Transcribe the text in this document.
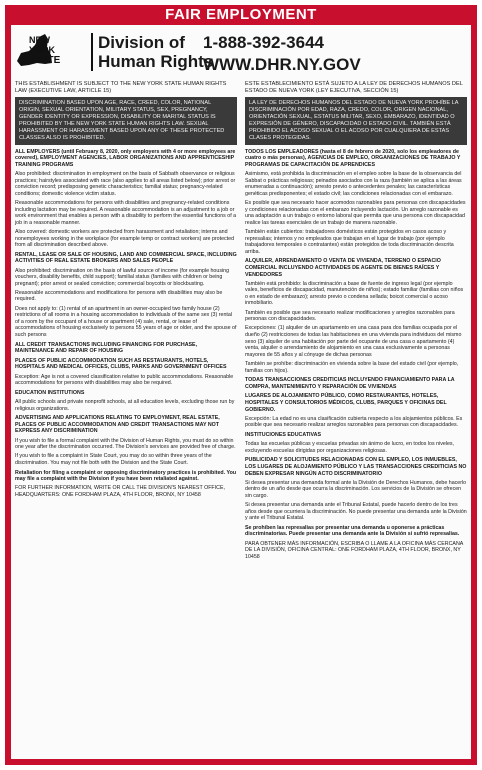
FAIR EMPLOYMENT
NEW
YORK
STATE
Division of Human Rights
1-888-392-3644
WWW.DHR.NY.GOV

THIS ESTABLISHMENT IS SUBJECT TO THE NEW YORK STATE HUMAN RIGHTS LAW (EXECUTIVE LAW, ARTICLE 15)

DISCRIMINATION BASED UPON AGE, RACE, CREED, COLOR, NATIONAL ORIGIN, SEXUAL ORIENTATION, MILITARY STATUS, SEX, PREGNANCY, GENDER IDENTITY OR EXPRESSION, DISABILITY OR MARITAL STATUS IS PROHIBITED BY THE NEW YORK STATE HUMAN RIGHTS LAW. SEXUAL HARASSMENT OR HARASSMENT BASED UPON ANY OF THESE PROTECTED CLASSES ALSO IS PROHIBITED.

ALL EMPLOYERS (until February 8, 2020, only employers with 4 or more employees are covered), EMPLOYMENT AGENCIES, LABOR ORGANIZATIONS AND APPRENTICESHIP TRAINING PROGRAMS

Also prohibited: discrimination in employment on the basis of Sabbath observance or religious practices; hairstyles associated with race (also applies to all areas listed below); prior arrest or conviction record; predisposing genetic characteristics; familial status; pregnancy-related conditions; domestic violence victim status.

Reasonable accommodations for persons with disabilities and pregnancy-related conditions including lactation may be required. A reasonable accommodation is an adjustment to a job or work environment that enables a person with a disability to perform the essential functions of a job in a reasonable manner.

Also covered: domestic workers are protected from harassment and retaliation; interns and nonemployees working in the workplace (for example temp or contract workers) are protected from all discrimination described above.

RENTAL, LEASE OR SALE OF HOUSING, LAND AND COMMERCIAL SPACE, INCLUDING ACTIVITIES OF REAL ESTATE BROKERS AND SALES PEOPLE

Also prohibited: discrimination on the basis of lawful source of income (for example housing vouchers, disability benefits, child support); familial status (families with children or being pregnant); prior arrest or sealed conviction; commercial boycotts or blockbusting.

Reasonable accommodations and modifications for persons with disabilities may also be required.

Does not apply to: (1) rental of an apartment in an owner-occupied two family house (2) restrictions of all rooms in a housing accommodation to individuals of the same sex (3) rental of a room by the occupant of a house or apartment (4) sale, rental, or lease of accommodations of housing exclusively to persons 55 years of age or older, and the spouse of such persons

ALL CREDIT TRANSACTIONS INCLUDING FINANCING FOR PURCHASE, MAINTENANCE AND REPAIR OF HOUSING

PLACES OF PUBLIC ACCOMMODATION SUCH AS RESTAURANTS, HOTELS, HOSPITALS AND MEDICAL OFFICES, CLUBS, PARKS AND GOVERNMENT OFFICES

Exception: Age is not a covered classification relative to public accommodations. Reasonable accommodations for persons with disabilities may also be required.

EDUCATION INSTITUTIONS

All public schools and private nonprofit schools, at all education levels, excluding those run by religious organizations.

ADVERTISING AND APPLICATIONS RELATING TO EMPLOYMENT, REAL ESTATE, PLACES OF PUBLIC ACCOMMODATION AND CREDIT TRANSACTIONS MAY NOT EXPRESS ANY DISCRIMINATION

If you wish to file a formal complaint with the Division of Human Rights, you must do so within one year after the discrimination occurred. The Division's services are provided free of charge.

If you wish to file a complaint in State Court, you may do so within three years of the discrimination. You may not file both with the Division and the State Court.

Retaliation for filing a complaint or opposing discriminatory practices is prohibited. You may file a complaint with the Division if you have been retaliated against.

FOR FURTHER INFORMATION, WRITE OR CALL THE DIVISION'S NEAREST OFFICE, HEADQUARTERS: ONE FORDHAM PLAZA, 4TH FLOOR, BRONX, NY 10458

ESTE ESTABLECIMIENTO ESTÁ SUJETO A LA LEY DE DERECHOS HUMANOS DEL ESTADO DE NUEVA YORK (LEY EJECUTIVA, SECCIÓN 15)

LA LEY DE DERECHOS HUMANOS DEL ESTADO DE NUEVA YORK PROHÍBE LA DISCRIMINACIÓN POR EDAD, RAZA, CREDO, COLOR, ORIGEN NACIONAL, ORIENTACIÓN SEXUAL, ESTATUS MILITAR, SEXO, EMBARAZO, IDENTIDAD O EXPRESIÓN DE GÉNERO, DISCAPACIDAD O ESTADO CIVIL. TAMBIÉN ESTÁ PROHIBIDO EL ACOSO SEXUAL O EL ACOSO POR CUALQUIERA DE ESTAS CLASES PROTEGIDAS.

TODOS LOS EMPLEADORES (hasta el 8 de febrero de 2020, solo los empleadores de cuatro o más personas), AGENCIAS DE EMPLEO, ORGANIZACIONES DE TRABAJO Y PROGRAMAS DE CAPACITACIÓN DE APRENDICES

Asimismo, está prohibida la discriminación en el empleo sobre la base de la observancia del Sabbat o prácticas religiosas; peinados asociados con la raza (también se aplica a las áreas enumeradas a continuación); arresto previo o antecedentes penales; las características genéticas predisponentes; el estado civil; las condiciones relacionadas con el embarazo.

Es posible que sea necesario hacer acomodos razonables para personas con discapacidades y condiciones relacionadas con el embarazo incluyendo lactación. Un arreglo razonable es una adaptación a un trabajo o entorno laboral que permita que una persona con discapacidad realice las tareas esenciales de un trabajo de manera razonable.

También están cubiertos: trabajadores domésticos están protegidos en casos acoso y represalias; internos y no empleados que trabajan en el lugar de trabajo (por ejemplo trabajadores temporales o contratantes) están protegidos de toda discriminación descrita arriba.

ALQUILER, ARRENDAMIENTO O VENTA DE VIVIENDA, TERRENO O ESPACIO COMERCIAL INCLUYENDO ACTIVIDADES DE AGENTE DE BIENES RAÍCES Y VENDEDORES

También está prohibido: la discriminación a base de fuente de ingreso legal (por ejemplo vales, beneficios de discapacidad, manutención de niños); estado familiar (familias con niños o en estado de embarazo); arresto previo o condena sellada; boicot comercial o acoso inmobiliario.

También es posible que sea necesario realizar modificaciones y arreglos razonables para personas con discapacidades.

Excepciones: (1) alquiler de un apartamento en una casa para dos familias ocupada por el dueño (2) restricciones de todas las habitaciones en una vivienda para individuos del mismo sexo (3) alquiler de una habitación por parte del ocupante de una casa o apartamento (4) venta, alquiler o arrendamiento de alojamiento en una casa exclusivamente a personas mayores de 55 años y al cónyuge de dichas personas

También se prohíbe: discriminación en vivienda sobre la base del estado civil (por ejemplo, familias con hijos).

TODAS TRANSACCIONES CREDITICIAS INCLUYENDO FINANCIAMIENTO PARA LA COMPRA, MANTENIMIENTO Y REPARACIÓN DE VIVIENDAS

LUGARES DE ALOJAMIENTO PÚBLICO, COMO RESTAURANTES, HOTELES, HOSPITALES Y CONSULTORIOS MÉDICOS, CLUBS, PARQUES Y OFICINAS DEL GOBIERNO.

Excepción: La edad no es una clasificación cubierta respecto a los alojamientos públicos. Es posible que sea necesario realizar arreglos razonables para personas con discapacidades.

INSTITUCIONES EDUCATIVAS

Todas las escuelas públicas y escuelas privadas sin ánimo de lucro, en todos los niveles, excluyendo escuelas dirigidas por organizaciones religiosas.

PUBLICIDAD Y SOLICITUDES RELACIONADAS CON EL EMPLEO, LOS INMUEBLES, LOS LUGARES DE ALOJAMIENTO PÚBLICO Y LAS TRANSACCIONES CREDITICIAS NO DEBEN EXPRESAR NINGÚN ACTO DISCRIMINATORIO

Si desea presentar una demanda formal ante la División de Derechos Humanos, debe hacerlo dentro de un año desde que ocurra la discriminación. Los servicios de la División se ofrecen sin cargo.

Si desea presentar una demanda ante el Tribunal Estatal, puede hacerlo dentro de los tres años desde que ocurriera la discriminación. No puede presentar una demanda ante la División y ante el Tribunal Estatal.

Se prohíben las represalias por presentar una demanda u oponerse a prácticas discriminatorias. Puede presentar una demanda ante la División si sufrió represalias.

PARA OBTENER MÁS INFORMACIÓN, ESCRIBA O LLAME A LA OFICINA MÁS CERCANA DE LA DIVISIÓN, OFICINA CENTRAL: ONE FORDHAM PLAZA, 4TH FLOOR, BRONX, NY 10458
